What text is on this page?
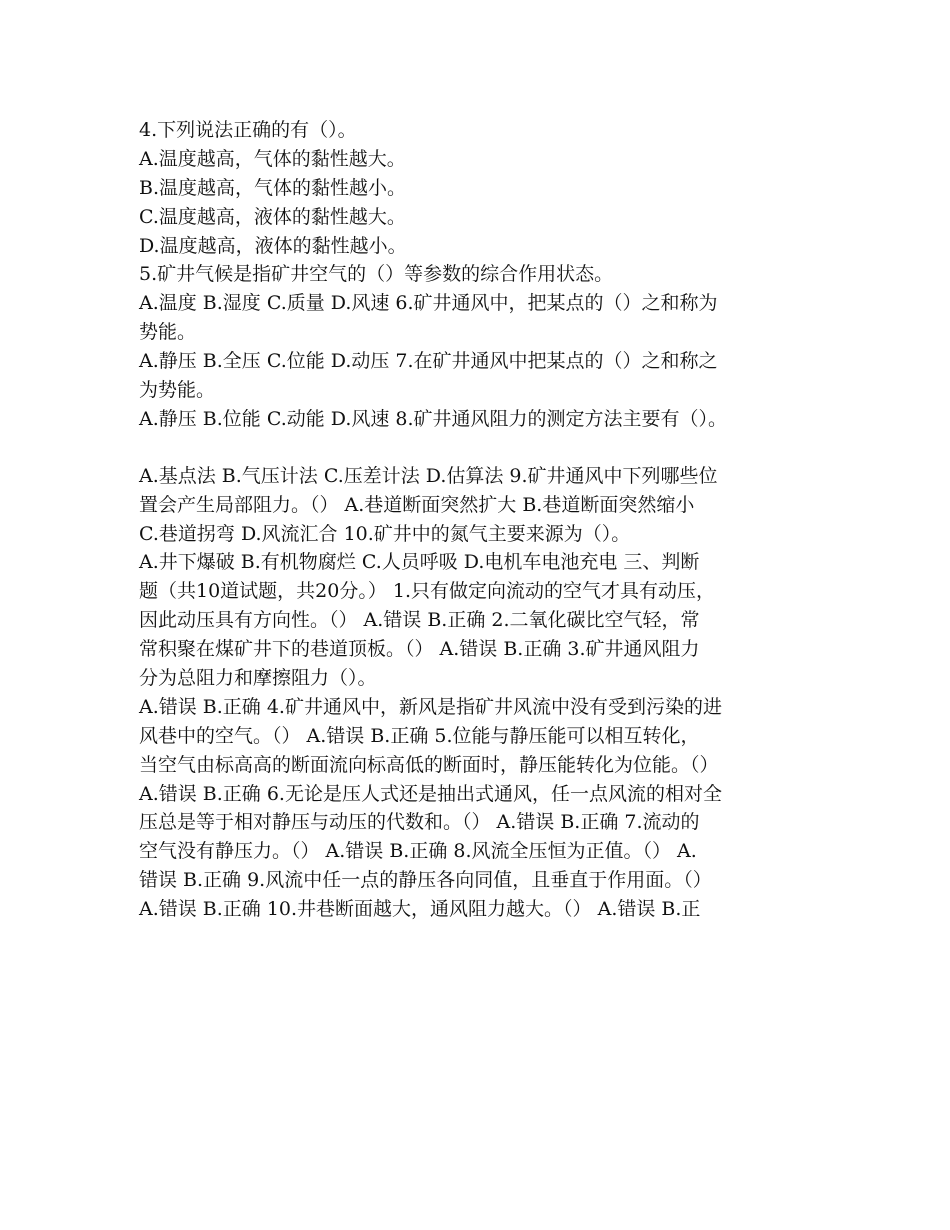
4.下列说法正确的有（）。

A.温度越高，气体的黏性越大。

B.温度越高，气体的黏性越小。

C.温度越高，液体的黏性越大。

D.温度越高，液体的黏性越小。

5.矿井气候是指矿井空气的（）等参数的综合作用状态。

A.温度 B.湿度 C.质量 D.风速 6.矿井通风中，把某点的（）之和称为

势能。

A.静压 B.全压 C.位能 D.动压 7.在矿井通风中把某点的（）之和称之

为势能。

A.静压 B.位能 C.动能 D.风速 8.矿井通风阻力的测定方法主要有（）。

A.基点法 B.气压计法 C.压差计法 D.估算法 9.矿井通风中下列哪些位

置会产生局部阻力。（） A.巷道断面突然扩大 B.巷道断面突然缩小

C.巷道拐弯 D.风流汇合 10.矿井中的氮气主要来源为（）。

A.井下爆破 B.有机物腐烂 C.人员呼吸 D.电机车电池充电 三、判断

题（共10道试题，共20分。） 1.只有做定向流动的空气才具有动压，

因此动压具有方向性。（） A.错误 B.正确 2.二氧化碳比空气轻，常

常积聚在煤矿井下的巷道顶板。（） A.错误 B.正确 3.矿井通风阻力

分为总阻力和摩擦阻力（）。

A.错误 B.正确 4.矿井通风中，新风是指矿井风流中没有受到污染的进

风巷中的空气。（） A.错误 B.正确 5.位能与静压能可以相互转化，

当空气由标高高的断面流向标高低的断面时，静压能转化为位能。（）

A.错误 B.正确 6.无论是压人式还是抽出式通风，任一点风流的相对全

压总是等于相对静压与动压的代数和。（） A.错误 B.正确 7.流动的

空气没有静压力。（） A.错误 B.正确 8.风流全压恒为正值。（） A.

错误 B.正确 9.风流中任一点的静压各向同值，且垂直于作用面。（）

A.错误 B.正确 10.井巷断面越大，通风阻力越大。（） A.错误 B.正
